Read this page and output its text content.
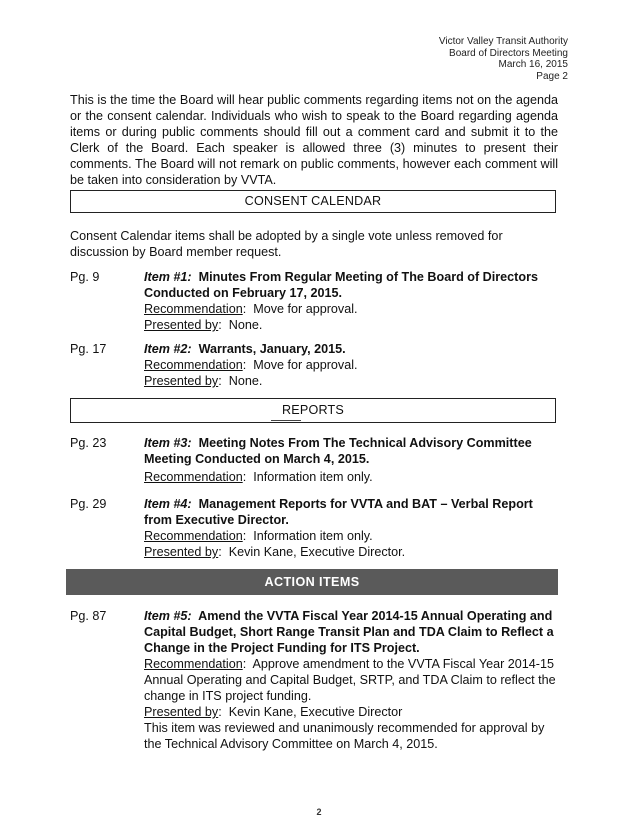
Victor Valley Transit Authority
Board of Directors Meeting
March 16, 2015
Page 2

This is the time the Board will hear public comments regarding items not on the agenda or the consent calendar. Individuals who wish to speak to the Board regarding agenda items or during public comments should fill out a comment card and submit it to the Clerk of the Board. Each speaker is allowed three (3) minutes to present their comments. The Board will not remark on public comments, however each comment will be taken into consideration by VVTA.

CONSENT CALENDAR

Consent Calendar items shall be adopted by a single vote unless removed for discussion by Board member request.

Pg. 9	Item #1: Minutes From Regular Meeting of The Board of Directors Conducted on February 17, 2015.

Recommendation:  Move for approval.

Presented by:  None.

Pg. 17	Item #2: Warrants, January, 2015.

Recommendation:  Move for approval.

Presented by:  None.

REPORTS
Pg. 23	Item #3: Meeting Notes From The Technical Advisory Committee Meeting Conducted on March 4, 2015.

Recommendation:  Information item only.

Pg. 29	Item #4: Management Reports for VVTA and BAT – Verbal Report from Executive Director.

Recommendation:  Information item only.

Presented by:  Kevin Kane, Executive Director.

ACTION ITEMS
Pg. 87	Item #5: Amend the VVTA Fiscal Year 2014-15 Annual Operating and Capital Budget, Short Range Transit Plan and TDA Claim to Reflect a Change in the Project Funding for ITS Project.

Recommendation:  Approve amendment to the VVTA Fiscal Year 2014-15 Annual Operating and Capital Budget, SRTP, and TDA Claim to reflect the change in ITS project funding.

Presented by:  Kevin Kane, Executive Director

This item was reviewed and unanimously recommended for approval by the Technical Advisory Committee on March 4, 2015.

2
